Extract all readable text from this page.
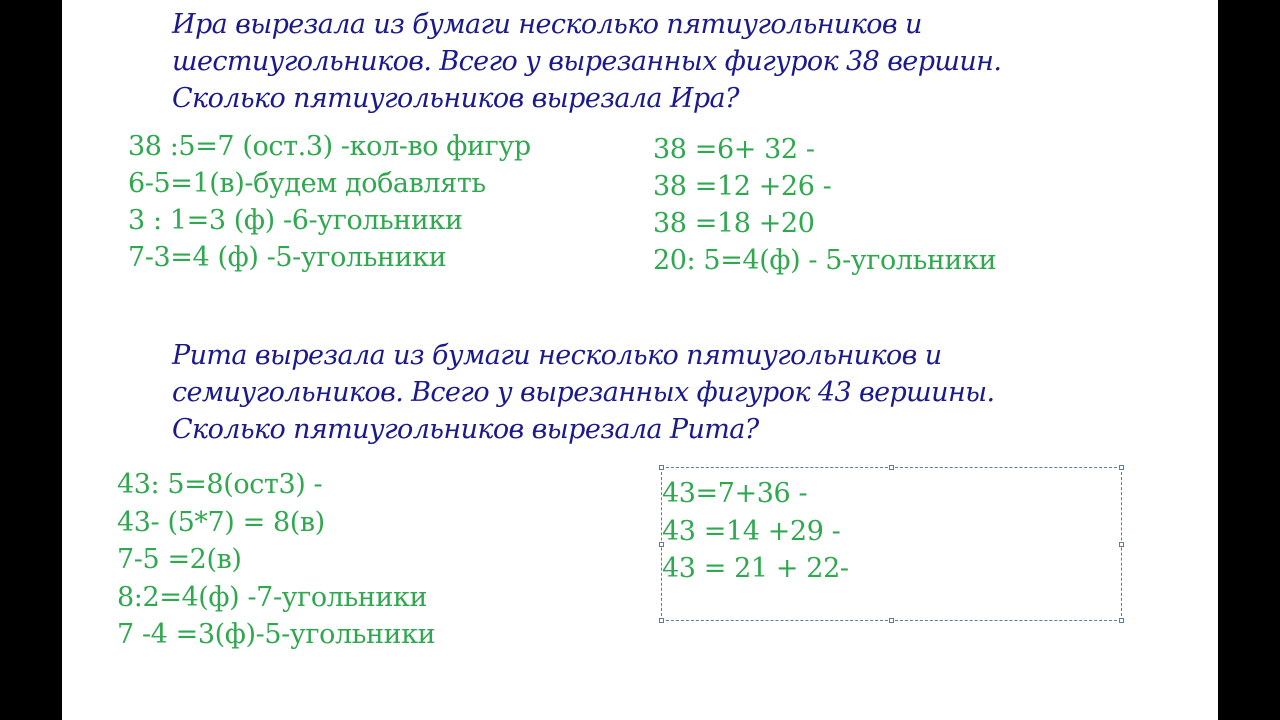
Ира вырезала из бумаги несколько пятиугольников и
шестиугольников. Всего у вырезанных фигурок 38 вершин.
Сколько пятиугольников вырезала Ира?
38 :5=7 (ост.3) -кол-во фигур
6-5=1(в)-будем добавлять
3 : 1=3 (ф) -6-угольники
7-3=4 (ф) -5-угольники
38 =6+ 32 -
38 =12 +26 -
38 =18 +20
20: 5=4(ф) - 5-угольники
Рита вырезала из бумаги несколько пятиугольников и
семиугольников. Всего у вырезанных фигурок 43 вершины.
Сколько пятиугольников вырезала Рита?
43: 5=8(ост3) -
43- (5*7) = 8(в)
7-5 =2(в)
8:2=4(ф) -7-угольники
7 -4 =3(ф)-5-угольники
43=7+36 -
43 =14 +29 -
43 = 21 + 22-
